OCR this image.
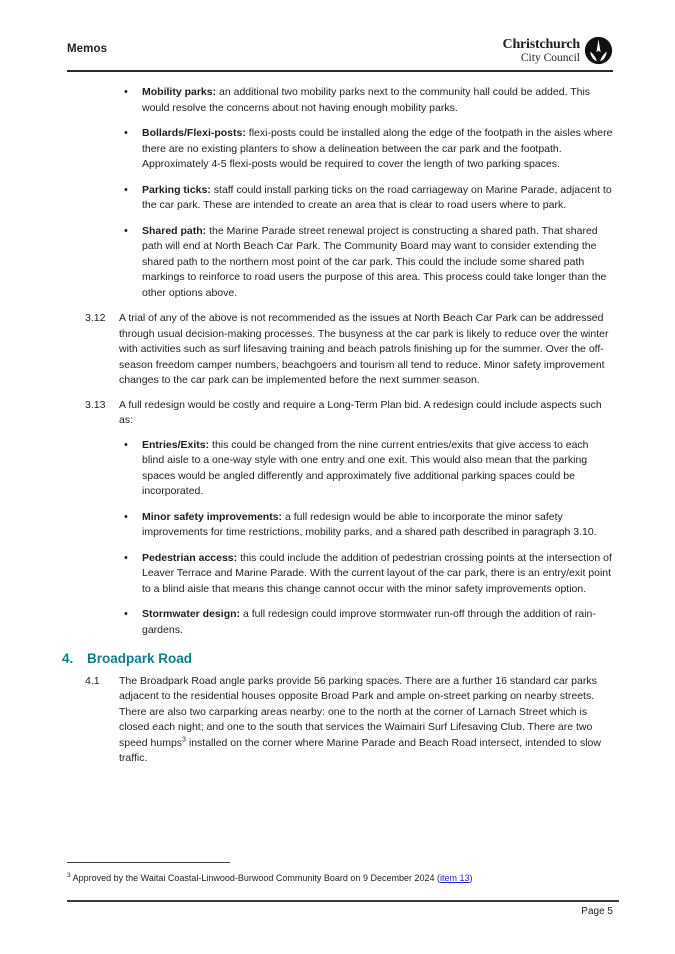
Memos	Christchurch
City Council
• Mobility parks: an additional two mobility parks next to the community hall could be added. This would resolve the concerns about not having enough mobility parks.
• Bollards/Flexi-posts: flexi-posts could be installed along the edge of the footpath in the aisles where there are no existing planters to show a delineation between the car park and the footpath. Approximately 4-5 flexi-posts would be required to cover the length of two parking spaces.
• Parking ticks: staff could install parking ticks on the road carriageway on Marine Parade, adjacent to the car park. These are intended to create an area that is clear to road users where to park.
• Shared path: the Marine Parade street renewal project is constructing a shared path. That shared path will end at North Beach Car Park. The Community Board may want to consider extending the shared path to the northern most point of the car park. This could the include some shared path markings to reinforce to road users the purpose of this area. This process could take longer than the other options above.
3.12 A trial of any of the above is not recommended as the issues at North Beach Car Park can be addressed through usual decision-making processes. The busyness at the car park is likely to reduce over the winter with activities such as surf lifesaving training and beach patrols finishing up for the summer. Over the off-season freedom camper numbers, beachgoers and tourism all tend to reduce. Minor safety improvement changes to the car park can be implemented before the next summer season.
3.13 A full redesign would be costly and require a Long-Term Plan bid. A redesign could include aspects such as:
• Entries/Exits: this could be changed from the nine current entries/exits that give access to each blind aisle to a one-way style with one entry and one exit. This would also mean that the parking spaces would be angled differently and approximately five additional parking spaces could be incorporated.
• Minor safety improvements: a full redesign would be able to incorporate the minor safety improvements for time restrictions, mobility parks, and a shared path described in paragraph 3.10.
• Pedestrian access: this could include the addition of pedestrian crossing points at the intersection of Leaver Terrace and Marine Parade. With the current layout of the car park, there is an entry/exit point to a blind aisle that means this change cannot occur with the minor safety improvements option.
• Stormwater design: a full redesign could improve stormwater run-off through the addition of rain-gardens.
4. Broadpark Road
4.1 The Broadpark Road angle parks provide 56 parking spaces. There are a further 16 standard car parks adjacent to the residential houses opposite Broad Park and ample on-street parking on nearby streets. There are also two carparking areas nearby: one to the north at the corner of Larnach Street which is closed each night; and one to the south that services the Waimairi Surf Lifesaving Club. There are two speed humps$^3$ installed on the corner where Marine Parade and Beach Road intersect, intended to slow traffic.
$^3$ Approved by the Waitai Coastal-Linwood-Burwood Community Board on 9 December 2024 (item 13)
Page 5
